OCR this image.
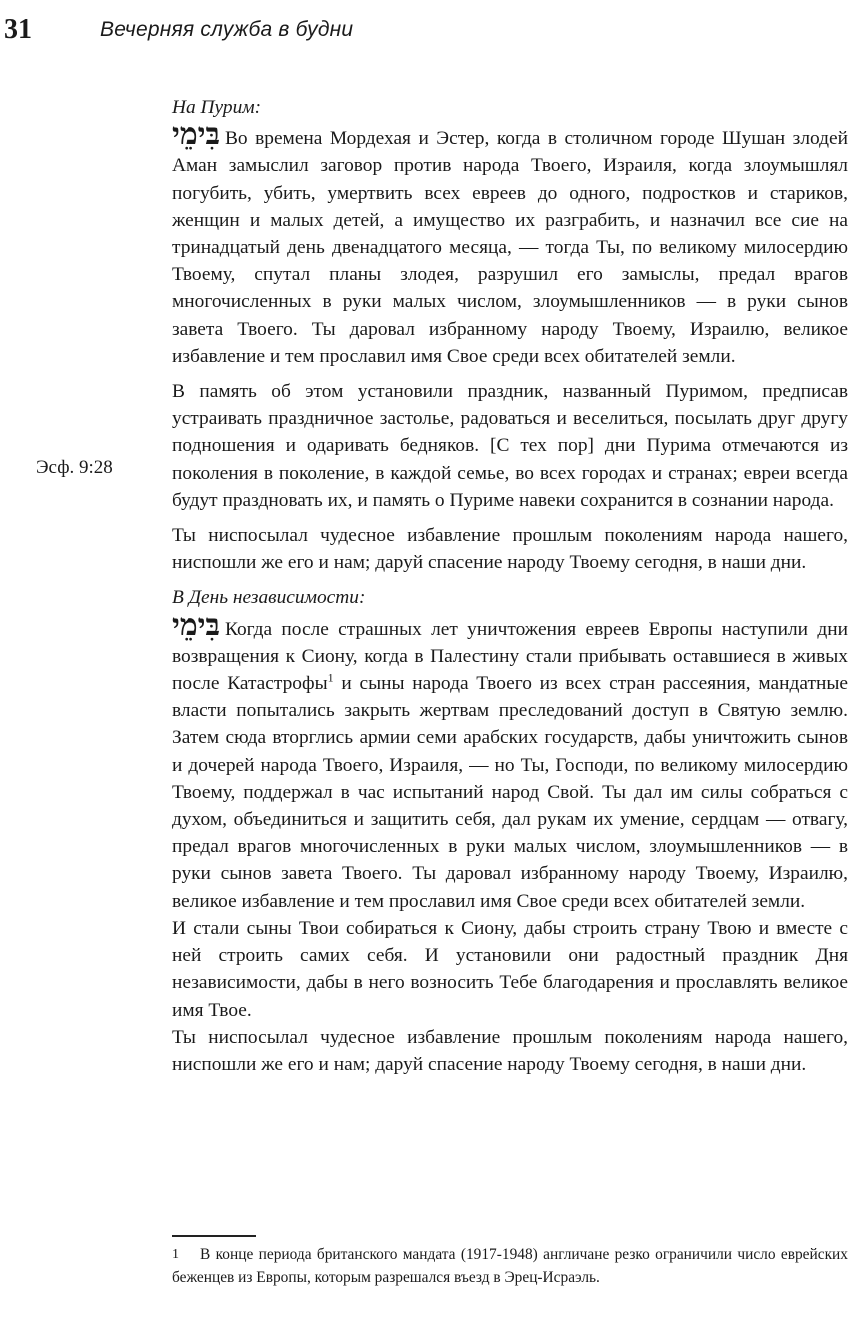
31	Вечерняя служба в будни
Эсф. 9:28
На Пурим:

בִּימֵי Во времена Мордехая и Эстер, когда в столичном городе Шушан злодей Аман замыслил заговор против народа Твоего, Израиля, когда злоумышлял погубить, убить, умертвить всех евреев до одного, подростков и стариков, женщин и малых детей, а имущество их разграбить, и назначил все сие на тринадцатый день двенадцатого месяца, — тогда Ты, по великому милосердию Твоему, спутал планы злодея, разрушил его замыслы, предал врагов многочисленных в руки малых числом, злоумышленников — в руки сынов завета Твоего. Ты даровал избранному народу Твоему, Израилю, великое избавление и тем прославил имя Свое среди всех обитателей земли.

В память об этом установили праздник, названный Пуримом, предписав устраивать праздничное застолье, радоваться и веселиться, посылать друг другу подношения и одаривать бедняков. [С тех пор] дни Пурима отмечаются из поколения в поколение, в каждой семье, во всех городах и странах; евреи всегда будут праздновать их, и память о Пуриме навеки сохранится в сознании народа.

Ты ниспосылал чудесное избавление прошлым поколениям народа нашего, ниспошли же его и нам; даруй спасение народу Твоему сегодня, в наши дни.

В День независимости:

בִּימֵי Когда после страшных лет уничтожения евреев Европы наступили дни возвращения к Сиону, когда в Палестину стали прибывать оставшиеся в живых после Катастрофы$^1$ и сыны народа Твоего из всех стран рассеяния, мандатные власти попытались закрыть жертвам преследований доступ в Святую землю. Затем сюда вторглись армии семи арабских государств, дабы уничтожить сынов и дочерей народа Твоего, Израиля, — но Ты, Господи, по великому милосердию Твоему, поддержал в час испытаний народ Свой. Ты дал им силы собраться с духом, объединиться и защитить себя, дал рукам их умение, сердцам — отвагу, предал врагов многочисленных в руки малых числом, злоумышленников — в руки сынов завета Твоего. Ты даровал избранному народу Твоему, Израилю, великое избавление и тем прославил имя Свое среди всех обитателей земли.

И стали сыны Твои собираться к Сиону, дабы строить страну Твою и вместе с ней строить самих себя. И установили они радостный праздник Дня независимости, дабы в него возносить Тебе благодарения и прославлять великое имя Твое.

Ты ниспосылал чудесное избавление прошлым поколениям народа нашего, ниспошли же его и нам; даруй спасение народу Твоему сегодня, в наши дни.

1 В конце периода британского мандата (1917-1948) англичане резко ограничили число еврейских беженцев из Европы, которым разрешался въезд в Эрец-Исраэль.
